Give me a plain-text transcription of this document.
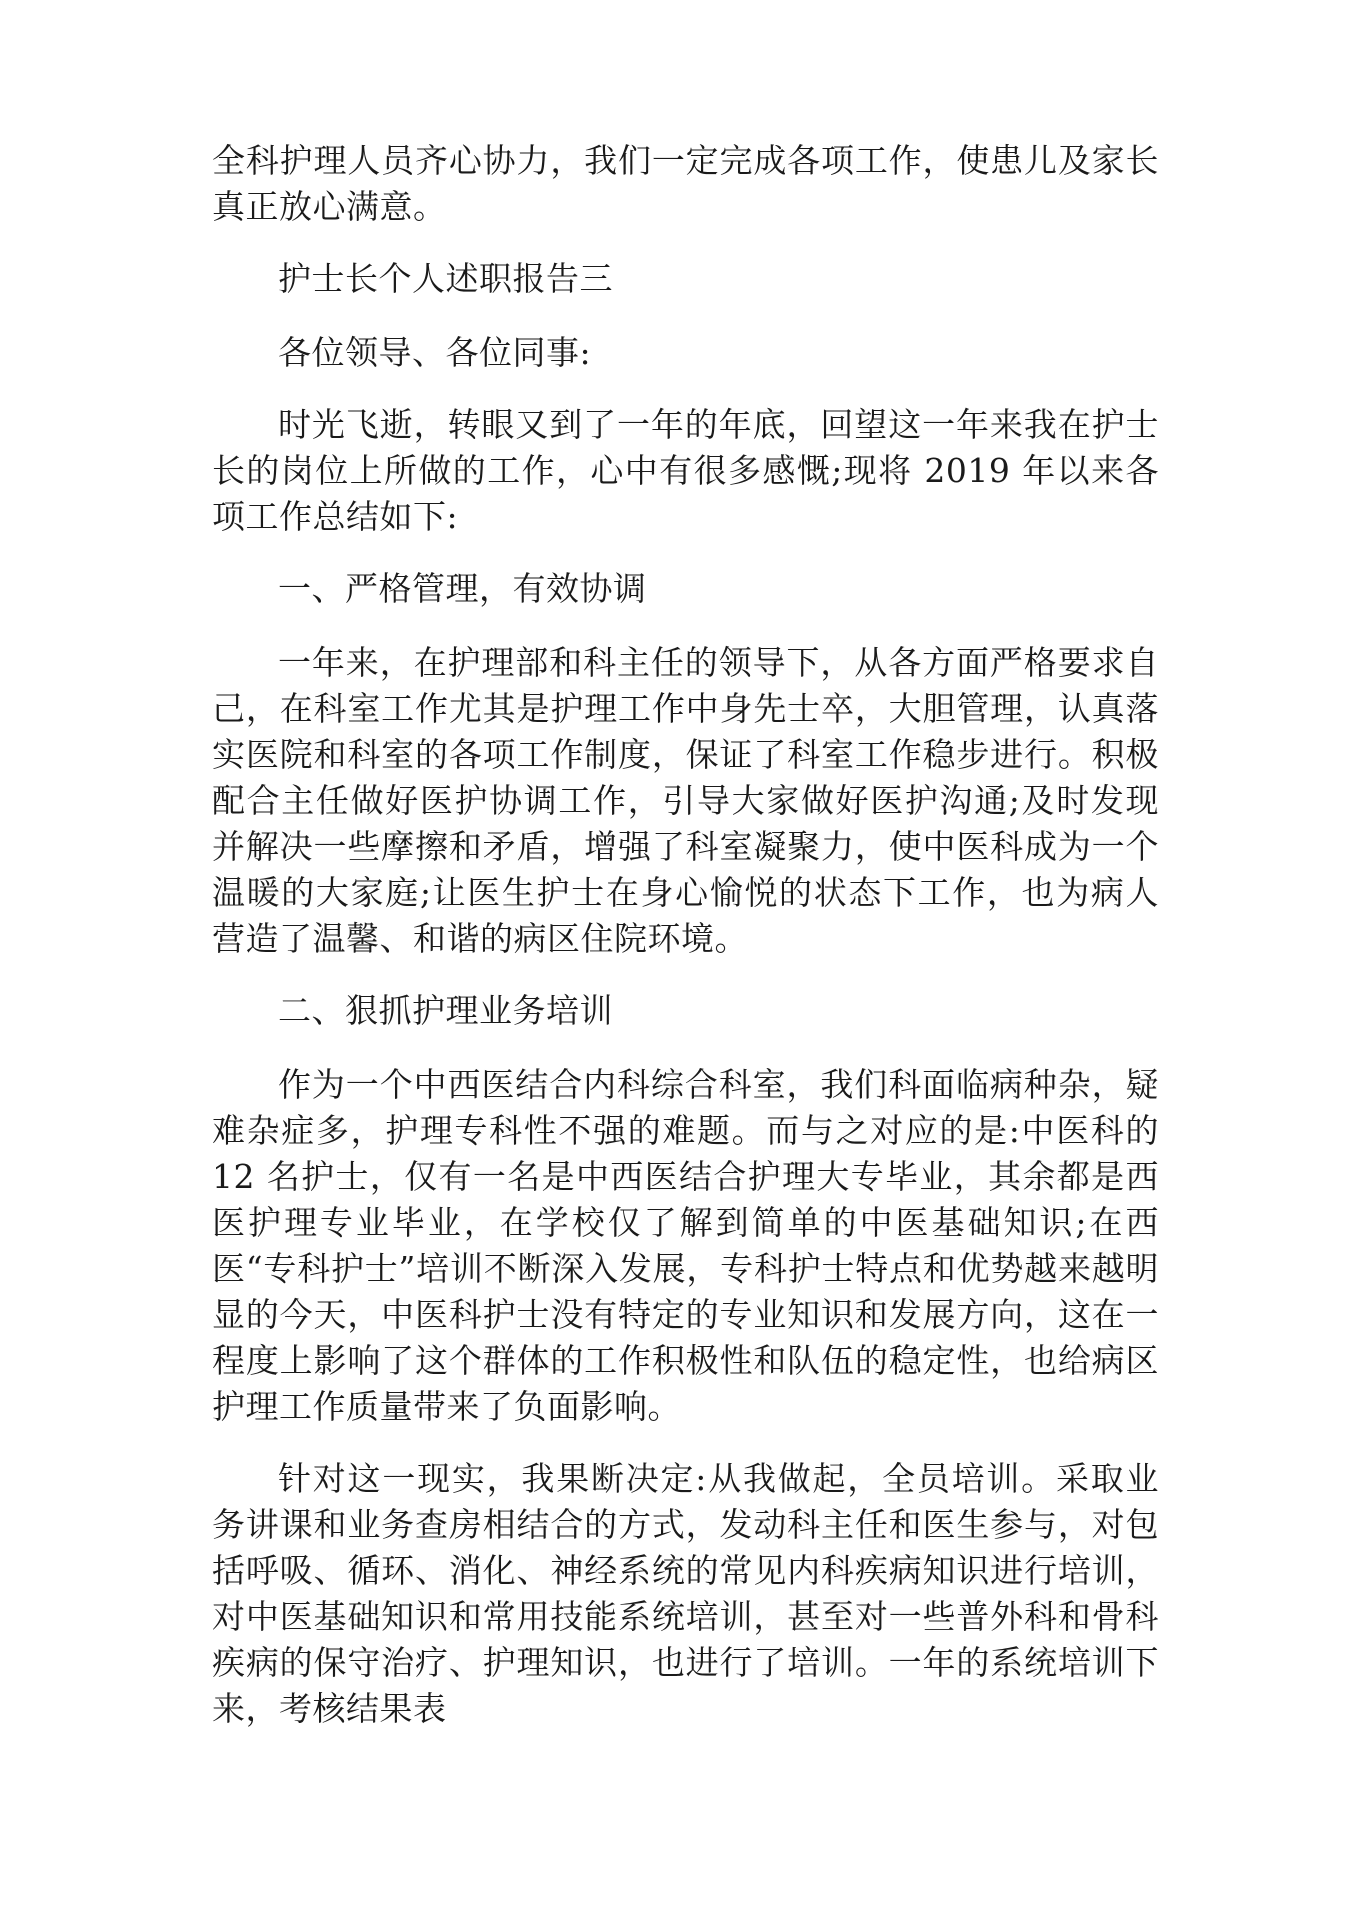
全科护理人员齐心协力，我们一定完成各项工作，使患儿及家长真正放心满意。

护士长个人述职报告三

各位领导、各位同事:

时光飞逝，转眼又到了一年的年底，回望这一年来我在护士长的岗位上所做的工作，心中有很多感慨;现将 2019 年以来各项工作总结如下:

一、严格管理，有效协调

一年来，在护理部和科主任的领导下，从各方面严格要求自己，在科室工作尤其是护理工作中身先士卒，大胆管理，认真落实医院和科室的各项工作制度，保证了科室工作稳步进行。积极配合主任做好医护协调工作，引导大家做好医护沟通;及时发现并解决一些摩擦和矛盾，增强了科室凝聚力，使中医科成为一个温暖的大家庭;让医生护士在身心愉悦的状态下工作，也为病人营造了温馨、和谐的病区住院环境。

二、狠抓护理业务培训

作为一个中西医结合内科综合科室，我们科面临病种杂，疑难杂症多，护理专科性不强的难题。而与之对应的是:中医科的 12 名护士，仅有一名是中西医结合护理大专毕业，其余都是西医护理专业毕业，在学校仅了解到简单的中医基础知识;在西医“专科护士”培训不断深入发展，专科护士特点和优势越来越明显的今天，中医科护士没有特定的专业知识和发展方向，这在一程度上影响了这个群体的工作积极性和队伍的稳定性，也给病区护理工作质量带来了负面影响。

针对这一现实，我果断决定:从我做起，全员培训。采取业务讲课和业务查房相结合的方式，发动科主任和医生参与，对包括呼吸、循环、消化、神经系统的常见内科疾病知识进行培训，对中医基础知识和常用技能系统培训，甚至对一些普外科和骨科疾病的保守治疗、护理知识，也进行了培训。一年的系统培训下来，考核结果表
